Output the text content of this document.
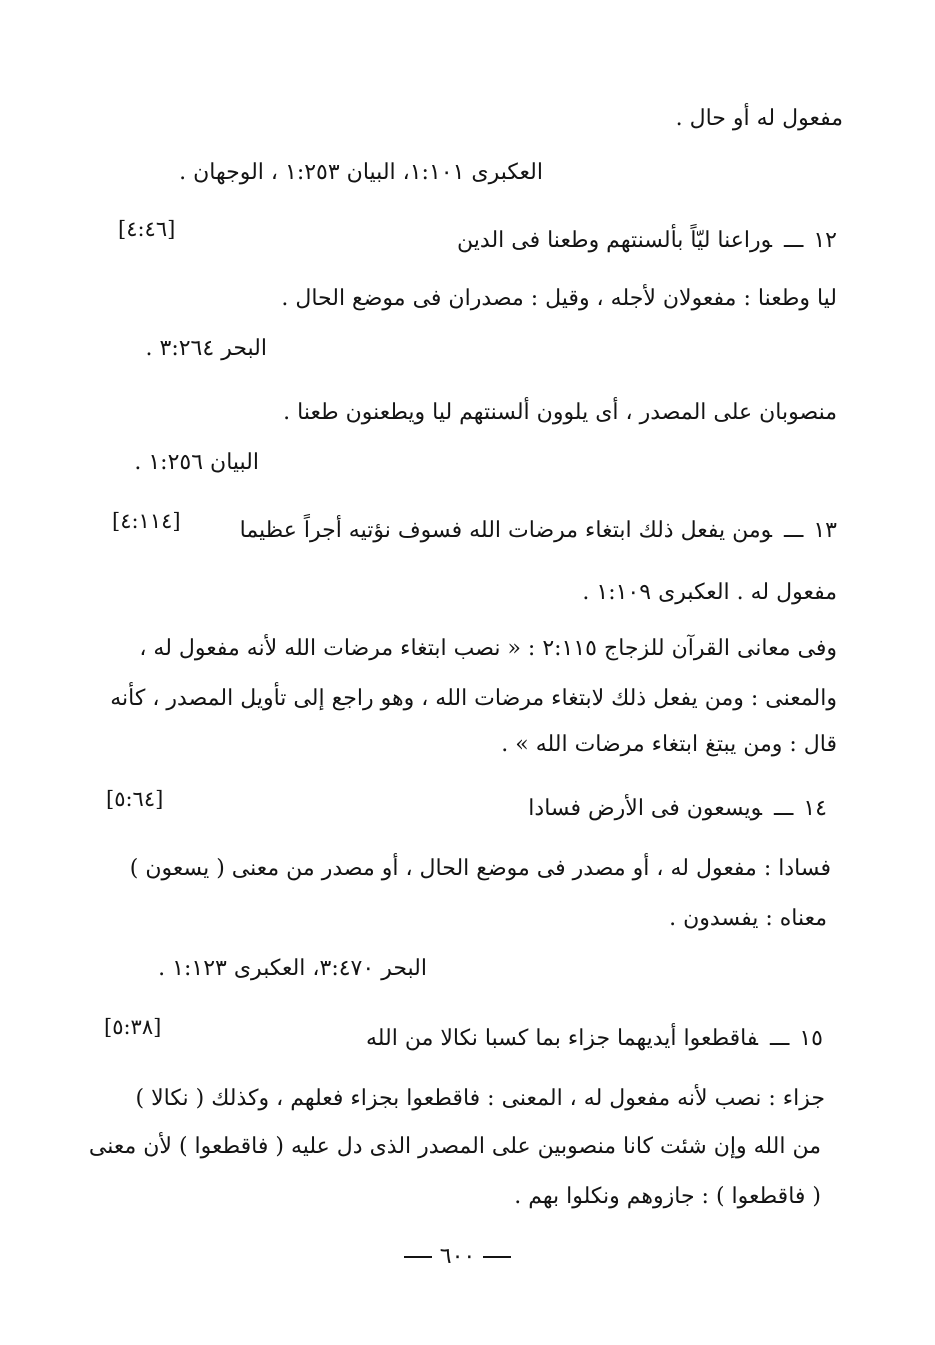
مفعول له أو حال .
العكبرى ١:١٠١، البيان ١:٢٥٣ ، الوجهان .
١٢ـــوراعنا ليّاً بألسنتهم وطعنا فى الدين
[٤:٤٦]
ليا وطعنا : مفعولان لأجله ، وقيل : مصدران فى موضع الحال .
البحر ٣:٢٦٤ .
منصوبان على المصدر ، أى يلوون ألسنتهم ليا ويطعنون طعنا .
البيان ١:٢٥٦ .
١٣ـــومن يفعل ذلك ابتغاء مرضات الله فسوف نؤتيه أجراً عظيما
[٤:١١٤]
مفعول له . العكبرى ١:١٠٩ .
وفى معانى القرآن للزجاج ٢:١١٥ : « نصب ابتغاء مرضات الله لأنه مفعول له ،
والمعنى : ومن يفعل ذلك لابتغاء مرضات الله ، وهو راجع إلى تأويل المصدر ، كأنه
قال : ومن يبتغ ابتغاء مرضات الله » .
١٤ـــويسعون فى الأرض فسادا
[٥:٦٤]
فسادا : مفعول له ، أو مصدر فى موضع الحال ، أو مصدر من معنى ( يسعون )
معناه : يفسدون .
البحر ٣:٤٧٠، العكبرى ١:١٢٣ .
١٥ـــفاقطعوا أيديهما جزاء بما كسبا نكالا من الله
[٥:٣٨]
جزاء : نصب لأنه مفعول له ، المعنى : فاقطعوا بجزاء فعلهم ، وكذلك ( نكالا )
من الله وإن شئت كانا منصوبين على المصدر الذى دل عليه ( فاقطعوا ) لأن معنى
( فاقطعوا ) : جازوهم ونكلوا بهم .
٦٠٠
